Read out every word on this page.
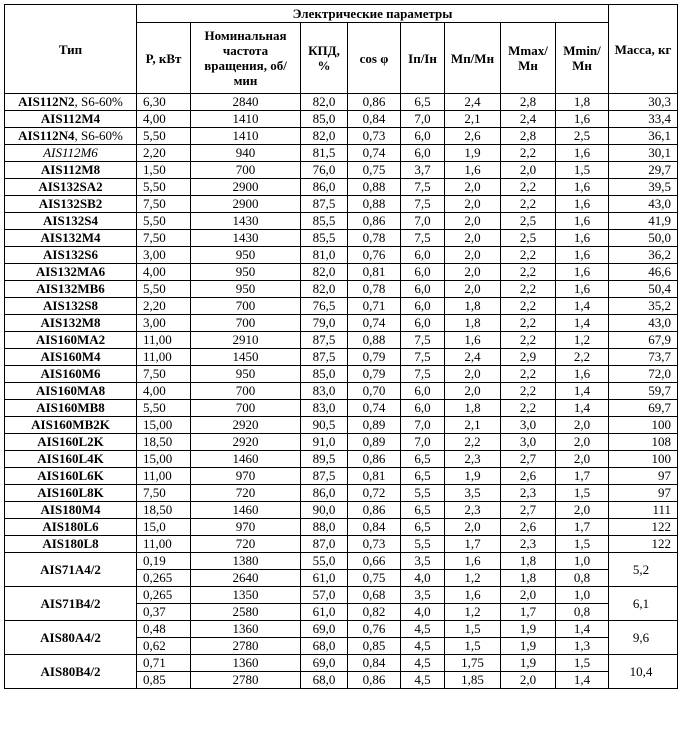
Тип	Электрические параметры								Масса, кг
	P, кВт	Номинальная частота вращения, об/мин	КПД, %	cos φ	Iп/Iн	Мп/Мн	Мmax/ Мн	Mmin/ Мн	
AIS112N2, S6-60%	6,30	2840	82,0	0,86	6,5	2,4	2,8	1,8	30,3
AIS112M4	4,00	1410	85,0	0,84	7,0	2,1	2,4	1,6	33,4
AIS112N4, S6-60%	5,50	1410	82,0	0,73	6,0	2,6	2,8	2,5	36,1
AIS112M6	2,20	940	81,5	0,74	6,0	1,9	2,2	1,6	30,1
AIS112M8	1,50	700	76,0	0,75	3,7	1,6	2,0	1,5	29,7
AIS132SA2	5,50	2900	86,0	0,88	7,5	2,0	2,2	1,6	39,5
AIS132SB2	7,50	2900	87,5	0,88	7,5	2,0	2,2	1,6	43,0
AIS132S4	5,50	1430	85,5	0,86	7,0	2,0	2,5	1,6	41,9
AIS132M4	7,50	1430	85,5	0,78	7,5	2,0	2,5	1,6	50,0
AIS132S6	3,00	950	81,0	0,76	6,0	2,0	2,2	1,6	36,2
AIS132MA6	4,00	950	82,0	0,81	6,0	2,0	2,2	1,6	46,6
AIS132MB6	5,50	950	82,0	0,78	6,0	2,0	2,2	1,6	50,4
AIS132S8	2,20	700	76,5	0,71	6,0	1,8	2,2	1,4	35,2
AIS132M8	3,00	700	79,0	0,74	6,0	1,8	2,2	1,4	43,0
AIS160MA2	11,00	2910	87,5	0,88	7,5	1,6	2,2	1,2	67,9
AIS160M4	11,00	1450	87,5	0,79	7,5	2,4	2,9	2,2	73,7
AIS160M6	7,50	950	85,0	0,79	7,5	2,0	2,2	1,6	72,0
AIS160MA8	4,00	700	83,0	0,70	6,0	2,0	2,2	1,4	59,7
AIS160MB8	5,50	700	83,0	0,74	6,0	1,8	2,2	1,4	69,7
AIS160MB2K	15,00	2920	90,5	0,89	7,0	2,1	3,0	2,0	100
AIS160L2K	18,50	2920	91,0	0,89	7,0	2,2	3,0	2,0	108
AIS160L4K	15,00	1460	89,5	0,86	6,5	2,3	2,7	2,0	100
AIS160L6K	11,00	970	87,5	0,81	6,5	1,9	2,6	1,7	97
AIS160L8K	7,50	720	86,0	0,72	5,5	3,5	2,3	1,5	97
AIS180M4	18,50	1460	90,0	0,86	6,5	2,3	2,7	2,0	111
AIS180L6	15,0	970	88,0	0,84	6,5	2,0	2,6	1,7	122
AIS180L8	11,00	720	87,0	0,73	5,5	1,7	2,3	1,5	122
AIS71A4/2	0,19	1380	55,0	0,66	3,5	1,6	1,8	1,0	5,2
	0,265	2640	61,0	0,75	4,0	1,2	1,8	0,8	
AIS71B4/2	0,265	1350	57,0	0,68	3,5	1,6	2,0	1,0	6,1
	0,37	2580	61,0	0,82	4,0	1,2	1,7	0,8	
AIS80A4/2	0,48	1360	69,0	0,76	4,5	1,5	1,9	1,4	9,6
	0,62	2780	68,0	0,85	4,5	1,5	1,9	1,3	
AIS80B4/2	0,71	1360	69,0	0,84	4,5	1,75	1,9	1,5	10,4
	0,85	2780	68,0	0,86	4,5	1,85	2,0	1,4	
